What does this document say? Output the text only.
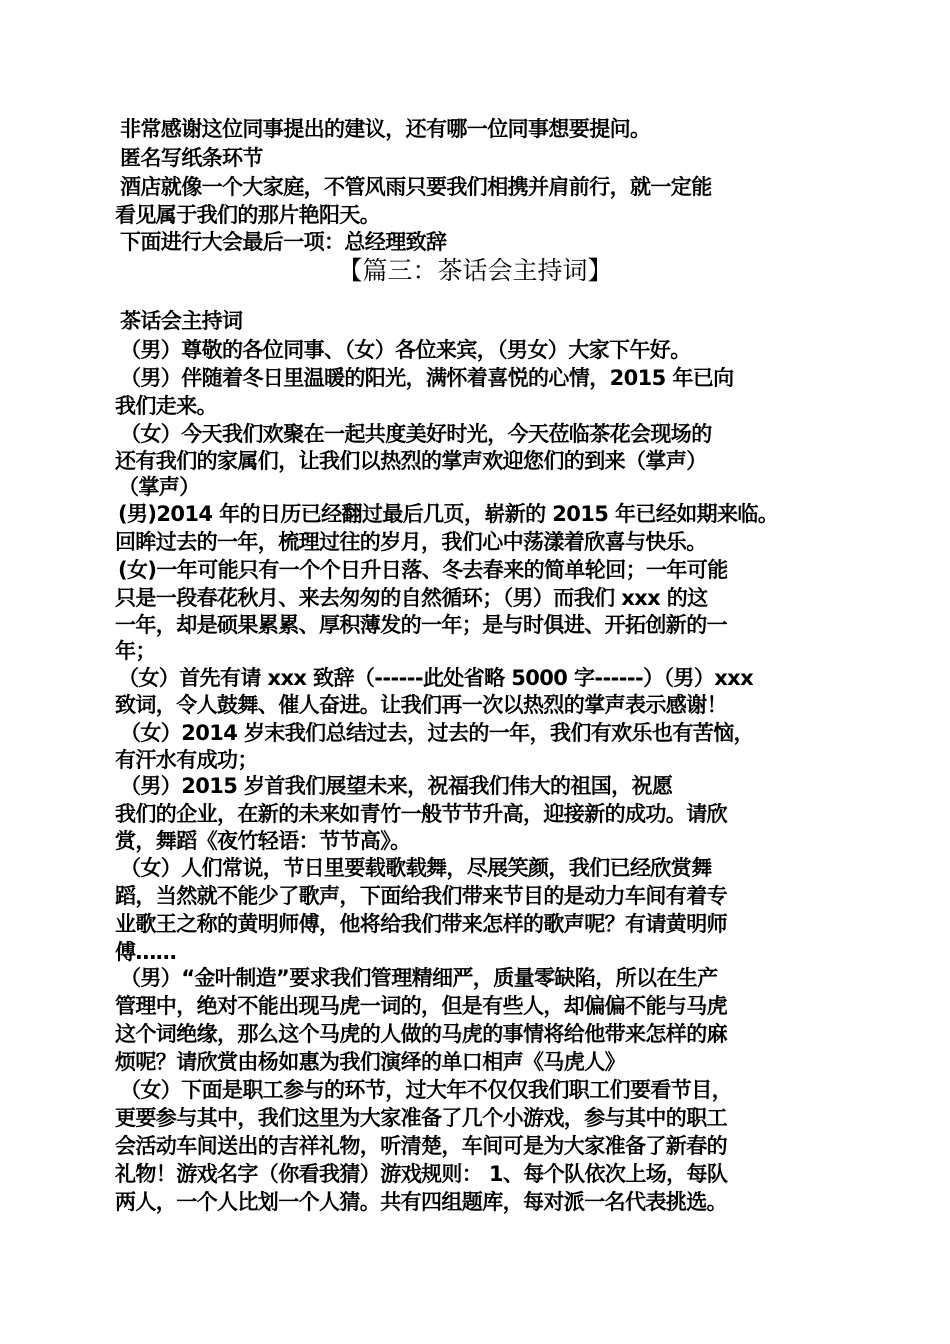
非常感谢这位同事提出的建议，还有哪一位同事想要提问。
匿名写纸条环节
酒店就像一个大家庭，不管风雨只要我们相携并肩前行，就一定能
看见属于我们的那片艳阳天。
下面进行大会最后一项：总经理致辞
【篇三：茶话会主持词】
茶话会主持词
（男）尊敬的各位同事、（女）各位来宾，（男女）大家下午好。
（男）伴随着冬日里温暖的阳光，满怀着喜悦的心情，2015 年已向
我们走来。
（女）今天我们欢聚在一起共度美好时光，今天莅临茶花会现场的
还有我们的家属们，让我们以热烈的掌声欢迎您们的到来（掌声）
（掌声）
(男)2014 年的日历已经翻过最后几页，崭新的 2015 年已经如期来临。
回眸过去的一年，梳理过往的岁月，我们心中荡漾着欣喜与快乐。
(女)一年可能只有一个个日升日落、冬去春来的简单轮回；一年可能
只是一段春花秋月、来去匆匆的自然循环；（男）而我们 xxx 的这
一年，却是硕果累累、厚积薄发的一年；是与时俱进、开拓创新的一
年；
（女）首先有请 xxx 致辞（------此处省略 5000 字------）（男）xxx
致词，令人鼓舞、催人奋进。让我们再一次以热烈的掌声表示感谢！
（女）2014 岁末我们总结过去，过去的一年，我们有欢乐也有苦恼，
有汗水有成功；
（男）2015 岁首我们展望未来，祝福我们伟大的祖国，祝愿
我们的企业，在新的未来如青竹一般节节升高，迎接新的成功。请欣
赏，舞蹈《夜竹轻语：节节高》。
（女）人们常说，节日里要载歌载舞，尽展笑颜，我们已经欣赏舞
蹈，当然就不能少了歌声，下面给我们带来节目的是动力车间有着专
业歌王之称的黄明师傅，他将给我们带来怎样的歌声呢？有请黄明师
傅……
（男）“金叶制造”要求我们管理精细严，质量零缺陷，所以在生产
管理中，绝对不能出现马虎一词的，但是有些人，却偏偏不能与马虎
这个词绝缘，那么这个马虎的人做的马虎的事情将给他带来怎样的麻
烦呢？请欣赏由杨如惠为我们演绎的单口相声《马虎人》
（女）下面是职工参与的环节，过大年不仅仅我们职工们要看节目，
更要参与其中，我们这里为大家准备了几个小游戏，参与其中的职工
会活动车间送出的吉祥礼物，听清楚，车间可是为大家准备了新春的
礼物！游戏名字（你看我猜）游戏规则： 1、每个队依次上场，每队
两人，一个人比划一个人猜。共有四组题库，每对派一名代表挑选。
